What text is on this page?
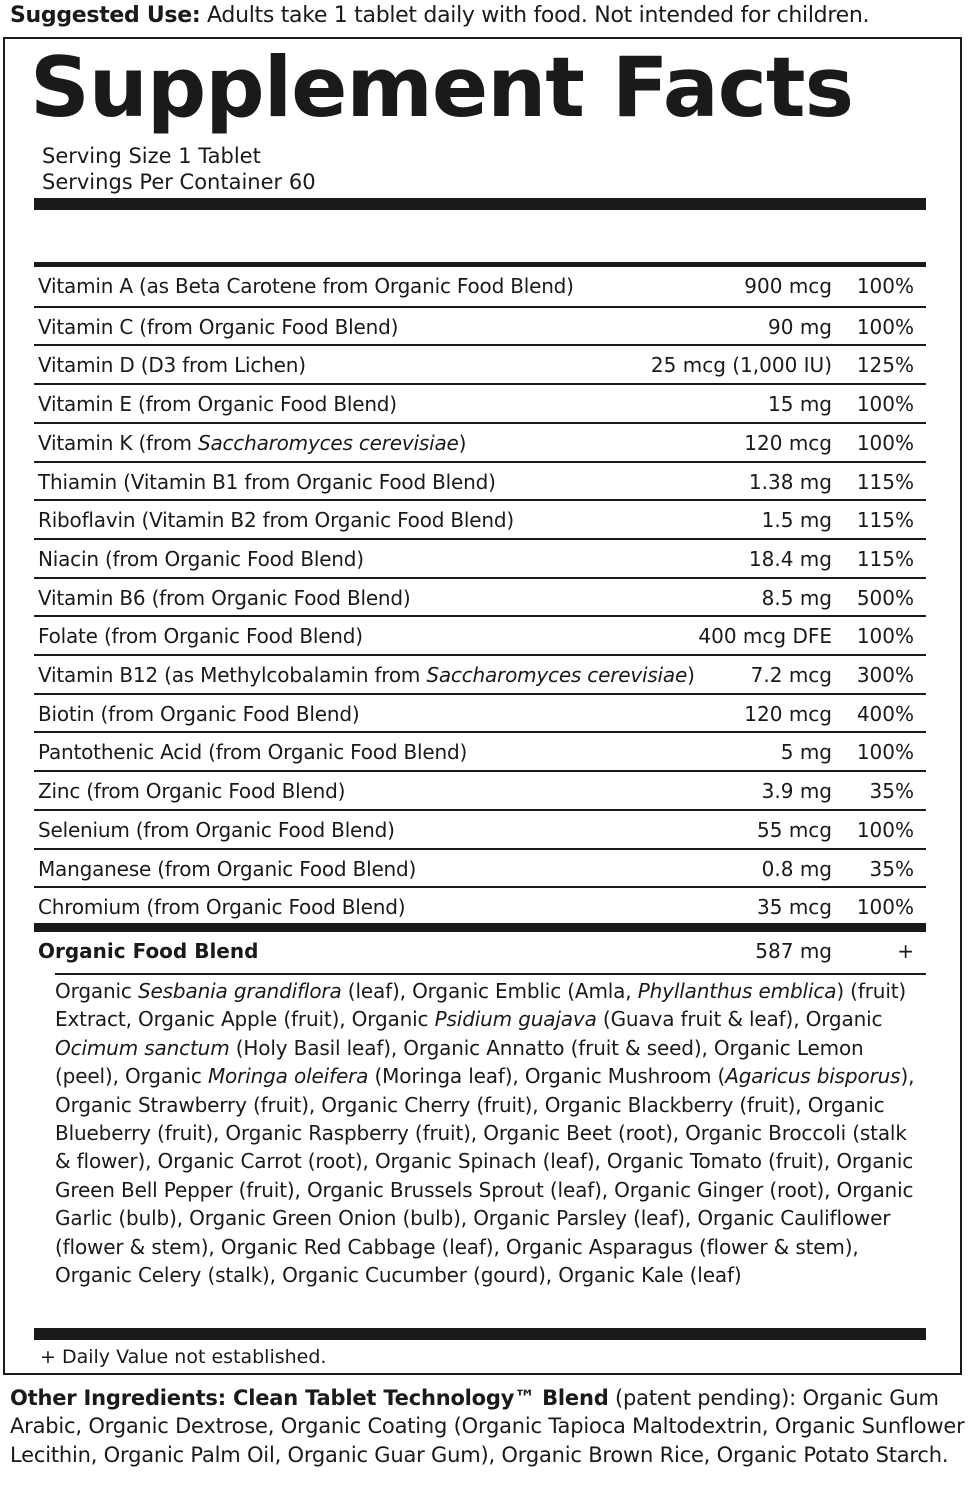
Suggested Use: Adults take 1 tablet daily with food. Not intended for children.
Supplement Facts
Serving Size 1 Tablet
Servings Per Container 60
Vitamin A (as Beta Carotene from Organic Food Blend)	900 mcg 100%
Vitamin C (from Organic Food Blend)	90 mg 100%
Vitamin D (D3 from Lichen)	25 mcg (1,000 IU) 125%
Vitamin E (from Organic Food Blend)	15 mg 100%
Vitamin K (from Saccharomyces cerevisiae)	120 mcg 100%
Thiamin (Vitamin B1 from Organic Food Blend)	1.38 mg 115%
Riboflavin (Vitamin B2 from Organic Food Blend)	1.5 mg 115%
Niacin (from Organic Food Blend)	18.4 mg 115%
Vitamin B6 (from Organic Food Blend)	8.5 mg 500%
Folate (from Organic Food Blend)	400 mcg DFE 100%
Vitamin B12 (as Methylcobalamin from Saccharomyces cerevisiae)	7.2 mcg 300%
Biotin (from Organic Food Blend)	120 mcg 400%
Pantothenic Acid (from Organic Food Blend)	5 mg 100%
Zinc (from Organic Food Blend)	3.9 mg 35%
Selenium (from Organic Food Blend)	55 mcg 100%
Manganese (from Organic Food Blend)	0.8 mg 35%
Chromium (from Organic Food Blend)	35 mcg 100%
Organic Food Blend	587 mg	+
Organic Sesbania grandiflora (leaf), Organic Emblic (Amla, Phyllanthus emblica) (fruit) Extract, Organic Apple (fruit), Organic Psidium guajava (Guava fruit & leaf), Organic Ocimum sanctum (Holy Basil leaf), Organic Annatto (fruit & seed), Organic Lemon (peel), Organic Moringa oleifera (Moringa leaf), Organic Mushroom (Agaricus bisporus), Organic Strawberry (fruit), Organic Cherry (fruit), Organic Blackberry (fruit), Organic Blueberry (fruit), Organic Raspberry (fruit), Organic Beet (root), Organic Broccoli (stalk & flower), Organic Carrot (root), Organic Spinach (leaf), Organic Tomato (fruit), Organic Green Bell Pepper (fruit), Organic Brussels Sprout (leaf), Organic Ginger (root), Organic Garlic (bulb), Organic Green Onion (bulb), Organic Parsley (leaf), Organic Cauliflower (flower & stem), Organic Red Cabbage (leaf), Organic Asparagus (flower & stem), Organic Celery (stalk), Organic Cucumber (gourd), Organic Kale (leaf)
+ Daily Value not established.
Other Ingredients: Clean Tablet Technology™ Blend (patent pending): Organic Gum Arabic, Organic Dextrose, Organic Coating (Organic Tapioca Maltodextrin, Organic Sunflower Lecithin, Organic Palm Oil, Organic Guar Gum), Organic Brown Rice, Organic Potato Starch.
